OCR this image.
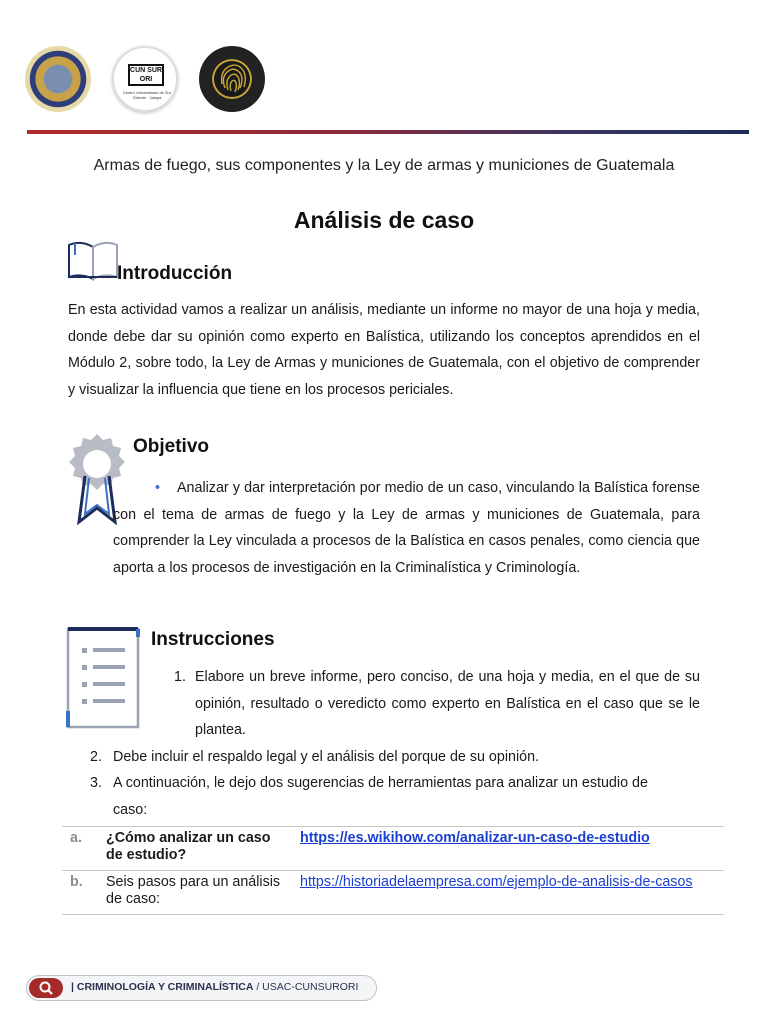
CUN SUR ORI
Centro Universitario de Sur Oriente · Jalapa
Armas de fuego, sus componentes y la Ley de armas y municiones de Guatemala
Análisis de caso
Introducción
En esta actividad vamos a realizar un análisis, mediante un informe no mayor de una hoja y media, donde debe dar su opinión como experto en Balística, utilizando los conceptos aprendidos en el Módulo 2, sobre todo, la Ley de Armas y municiones de Guatemala, con el objetivo de comprender y visualizar la influencia que tiene en los procesos periciales.
Objetivo
•	Analizar y dar interpretación por medio de un caso, vinculando la Balística forense con el tema de armas de fuego y la Ley de armas y municiones de Guatemala, para comprender la Ley vinculada a procesos de la Balística en casos penales, como ciencia que aporta a los procesos de investigación en la Criminalística y Criminología.
Instrucciones
1. Elabore un breve informe, pero conciso, de una hoja y media, en el que de su opinión, resultado o veredicto como experto en Balística en el caso que se le plantea.
2. Debe incluir el respaldo legal y el análisis del porque de su opinión.
3. A continuación, le dejo dos sugerencias de herramientas para analizar un estudio de caso:
a.	¿Cómo analizar un caso de estudio?	https://es.wikihow.com/analizar-un-caso-de-estudio
b.	Seis pasos para un análisis de caso:	https://historiadelaempresa.com/ejemplo-de-analisis-de-casos
| CRIMINOLOGÍA Y CRIMINALÍSTICA / USAC-CUNSURORI
